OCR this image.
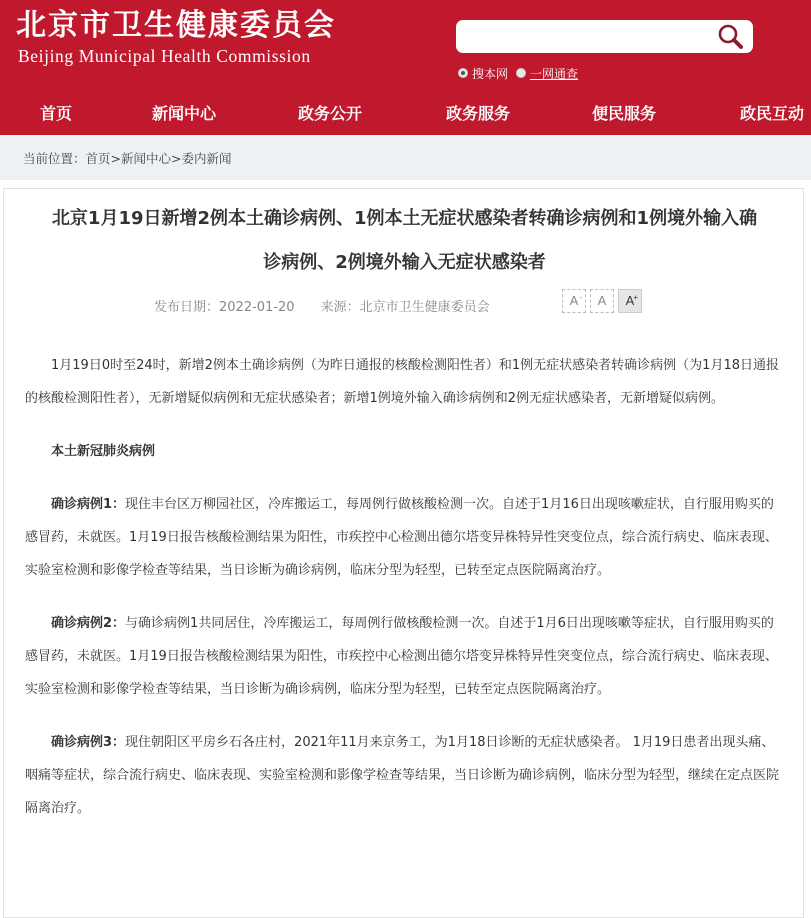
北京市卫生健康委员会
Beijing Municipal Health Commission
搜本网 一网通查
首页	新闻中心	政务公开	政务服务	便民服务	政民互动
当前位置：首页>新闻中心>委内新闻
北京1月19日新增2例本土确诊病例、1例本土无症状感染者转确诊病例和1例境外输入确
诊病例、2例境外输入无症状感染者
发布日期：2022-01-20 来源：北京市卫生健康委员会	A -	A	A +

1月19日0时至24时，新增2例本土确诊病例（为昨日通报的核酸检测阳性者）和1例无症状感染者转确诊病例（为1月18日通报的核酸检测阳性者），无新增疑似病例和无症状感染者；新增1例境外输入确诊病例和2例无症状感染者，无新增疑似病例。

本土新冠肺炎病例

确诊病例1：现住丰台区万柳园社区，冷库搬运工，每周例行做核酸检测一次。自述于1月16日出现咳嗽症状，自行服用购买的感冒药，未就医。1月19日报告核酸检测结果为阳性，市疾控中心检测出德尔塔变异株特异性突变位点，综合流行病史、临床表现、实验室检测和影像学检查等结果，当日诊断为确诊病例，临床分型为轻型，已转至定点医院隔离治疗。

确诊病例2：与确诊病例1共同居住，冷库搬运工，每周例行做核酸检测一次。自述于1月6日出现咳嗽等症状，自行服用购买的感冒药，未就医。1月19日报告核酸检测结果为阳性，市疾控中心检测出德尔塔变异株特异性突变位点，综合流行病史、临床表现、实验室检测和影像学检查等结果，当日诊断为确诊病例，临床分型为轻型，已转至定点医院隔离治疗。

确诊病例3：现住朝阳区平房乡石各庄村，2021年11月来京务工，为1月18日诊断的无症状感染者。 1月19日患者出现头痛、咽痛等症状，综合流行病史、临床表现、实验室检测和影像学检查等结果，当日诊断为确诊病例，临床分型为轻型，继续在定点医院隔离治疗。
